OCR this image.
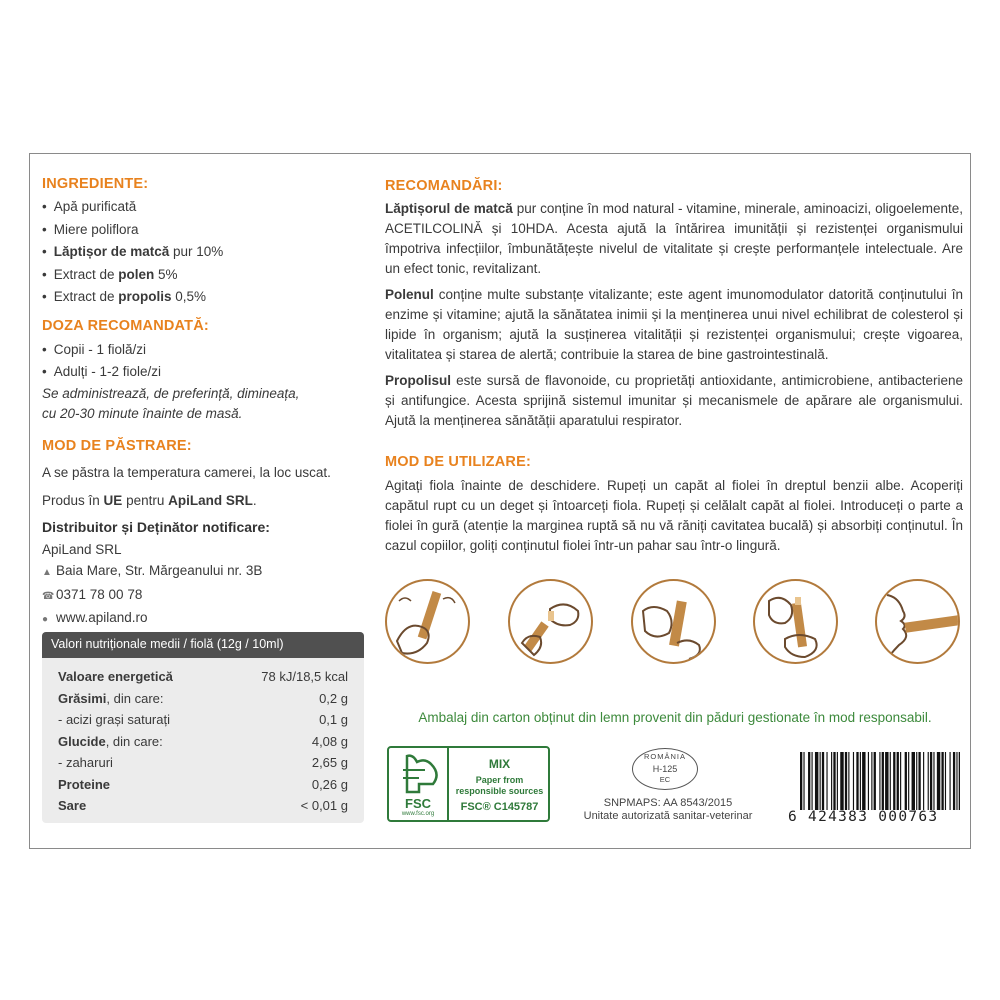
INGREDIENTE:
• Apă purificată
• Miere poliflora
• Lăptișor de matcă pur 10%
• Extract de polen 5%
• Extract de propolis 0,5%
DOZA RECOMANDATĂ:
• Copii - 1 fiolă/zi
• Adulți - 1-2 fiole/zi
Se administrează, de preferință, dimineața,
cu 20-30 minute înainte de masă.
MOD DE PĂSTRARE:
A se păstra la temperatura camerei, la loc uscat.
Produs în UE pentru ApiLand SRL.
Distribuitor și Deținător notificare:
ApiLand SRL
▲ Baia Mare, Str. Mărgeanului nr. 3B
☎ 0371 78 00 78
● www.apiland.ro
Valori nutriționale medii / fiolă (12g / 10ml)
Valoare energetică	78 kJ/18,5 kcal
Grăsimi, din care:	0,2 g
- acizi grași saturați	0,1 g
Glucide, din care:	4,08 g
- zaharuri	2,65 g
Proteine	0,26 g
Sare	< 0,01 g
RECOMANDĂRI:

Lăptișorul de matcă pur conține în mod natural - vitamine, minerale, aminoacizi, oligoelemente, ACETILCOLINĂ și 10HDA. Acesta ajută la întărirea imunității și rezistenței organismului împotriva infecțiilor, îmbunătățește nivelul de vitalitate și crește performanțele intelectuale. Are un efect tonic, revitalizant.

Polenul conține multe substanțe vitalizante; este agent imunomodulator datorită conținutului în enzime și vitamine; ajută la sănătatea inimii și la menținerea unui nivel echilibrat de colesterol și lipide în organism; ajută la susținerea vitalității și rezistenței organismului; crește vigoarea, vitalitatea și starea de alertă; contribuie la starea de bine gastrointestinală.

Propolisul este sursă de flavonoide, cu proprietăți antioxidante, antimicrobiene, antibacteriene și antifungice. Acesta sprijină sistemul imunitar și mecanismele de apărare ale organismului. Ajută la menținerea sănătății aparatului respirator.

MOD DE UTILIZARE:

Agitați fiola înainte de deschidere. Rupeți un capăt al fiolei în dreptul benzii albe. Acoperiți capătul rupt cu un deget și întoarceți fiola. Rupeți și celălalt capăt al fiolei. Introduceți o parte a fiolei în gură (atenție la marginea ruptă să nu vă răniți cavitatea bucală) și absorbiți conținutul. În cazul copiilor, goliți conținutul fiolei într-un pahar sau într-o lingură.

Ambalaj din carton obținut din lemn provenit din păduri gestionate în mod responsabil.
FSC
www.fsc.org
MIX
Paper from
responsible sources
FSC® C145787
ROMÂNIA
H-125
EC
SNPMAPS: AA 8543/2015
Unitate autorizată sanitar-veterinar	6 424383 000763
